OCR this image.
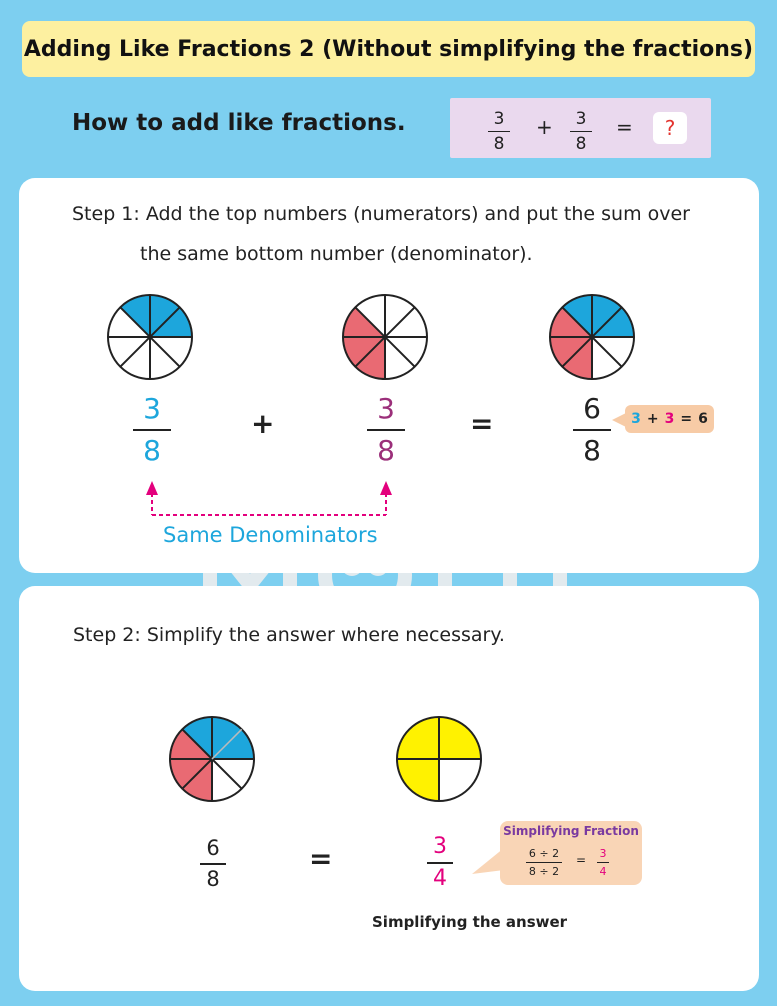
Adding Like Fractions 2 (Without simplifying the fractions)
How to add like fractions.	3
8
+ 3
8
=	?
Step 1: Add the top numbers (numerators) and put the sum over
the same bottom number (denominator).
3
8
+	3
8
=	6
8
3 + 3 = 6
Same Denominators
Step 2: Simplify the answer where necessary.
6
8
=	3
4
Simplifying Fraction
6 ÷ 2
8 ÷ 2
= 3
4
Simplifying the answer
